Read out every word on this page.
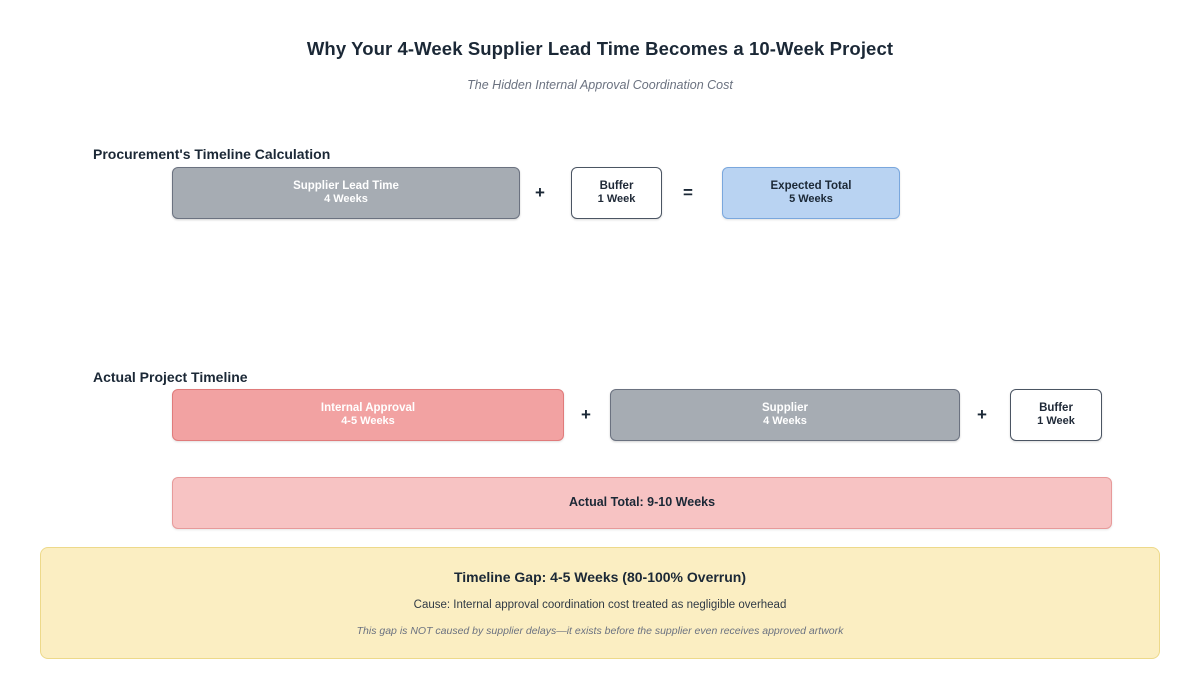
Why Your 4-Week Supplier Lead Time Becomes a 10-Week Project
The Hidden Internal Approval Coordination Cost
Procurement's Timeline Calculation
Supplier Lead Time
4 Weeks	+	Buffer
1 Week	=	Expected Total
5 Weeks
Actual Project Timeline
Internal Approval
4-5 Weeks	+	Supplier
4 Weeks	+	Buffer
1 Week
Actual Total: 9-10 Weeks
Timeline Gap: 4-5 Weeks (80-100% Overrun)
Cause: Internal approval coordination cost treated as negligible overhead
This gap is NOT caused by supplier delays—it exists before the supplier even receives approved artwork
